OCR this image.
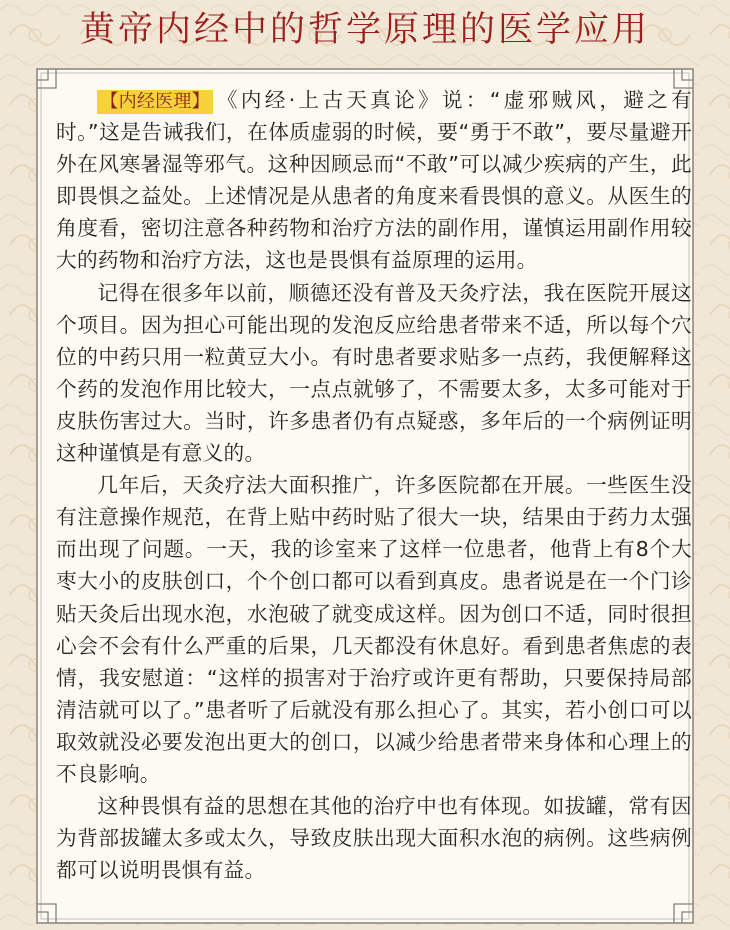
黄帝内经中的哲学原理的医学应用

【内经医理】 《内经·上古天真论》说：“虚邪贼风，避之有时。”这是告诫我们，在体质虚弱的时候，要“勇于不敢”，要尽量避开外在风寒暑湿等邪气。这种因顾忌而“不敢”可以减少疾病的产生，此即畏惧之益处。上述情况是从患者的角度来看畏惧的意义。从医生的角度看，密切注意各种药物和治疗方法的副作用，谨慎运用副作用较大的药物和治疗方法，这也是畏惧有益原理的运用。

记得在很多年以前，顺德还没有普及天灸疗法，我在医院开展这个项目。因为担心可能出现的发泡反应给患者带来不适，所以每个穴位的中药只用一粒黄豆大小。有时患者要求贴多一点药，我便解释这个药的发泡作用比较大，一点点就够了，不需要太多，太多可能对于皮肤伤害过大。当时，许多患者仍有点疑惑，多年后的一个病例证明这种谨慎是有意义的。

几年后，天灸疗法大面积推广，许多医院都在开展。一些医生没有注意操作规范，在背上贴中药时贴了很大一块，结果由于药力太强而出现了问题。一天，我的诊室来了这样一位患者，他背上有8个大枣大小的皮肤创口，个个创口都可以看到真皮。患者说是在一个门诊贴天灸后出现水泡，水泡破了就变成这样。因为创口不适，同时很担心会不会有什么严重的后果，几天都没有休息好。看到患者焦虑的表情，我安慰道：“这样的损害对于治疗或许更有帮助，只要保持局部清洁就可以了。”患者听了后就没有那么担心了。其实，若小创口可以取效就没必要发泡出更大的创口，以减少给患者带来身体和心理上的不良影响。

这种畏惧有益的思想在其他的治疗中也有体现。如拔罐，常有因为背部拔罐太多或太久，导致皮肤出现大面积水泡的病例。这些病例都可以说明畏惧有益。
